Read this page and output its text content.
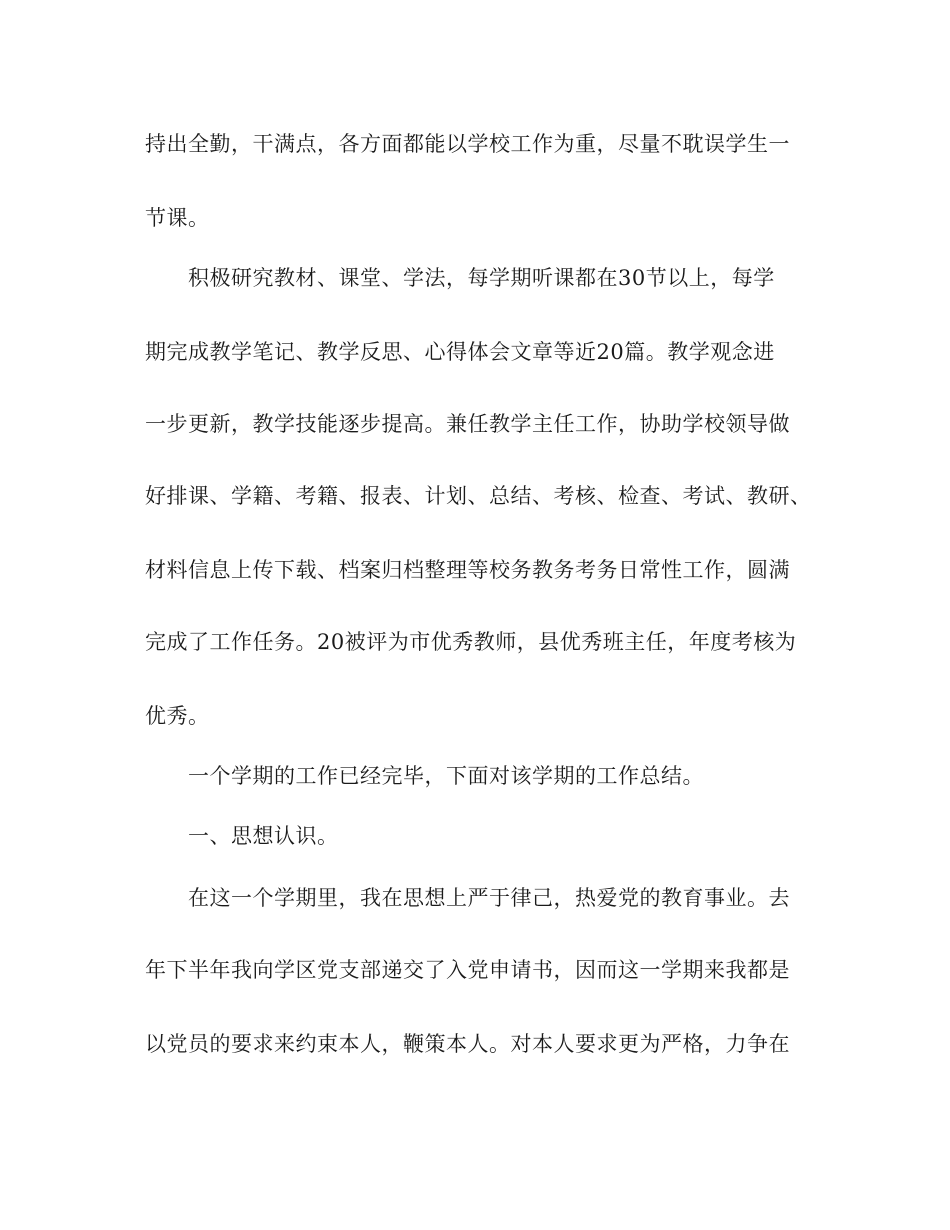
持出全勤，干满点，各方面都能以学校工作为重，尽量不耽误学生一
节课。
积极研究教材、课堂、学法，每学期听课都在30节以上，每学
期完成教学笔记、教学反思、心得体会文章等近20篇。教学观念进
一步更新，教学技能逐步提高。兼任教学主任工作，协助学校领导做
好排课、学籍、考籍、报表、计划、总结、考核、检查、考试、教研、
材料信息上传下载、档案归档整理等校务教务考务日常性工作，圆满
完成了工作任务。20被评为市优秀教师，县优秀班主任，年度考核为
优秀。
一个学期的工作已经完毕，下面对该学期的工作总结。
一、思想认识。
在这一个学期里，我在思想上严于律己，热爱党的教育事业。去
年下半年我向学区党支部递交了入党申请书，因而这一学期来我都是
以党员的要求来约束本人，鞭策本人。对本人要求更为严格，力争在
